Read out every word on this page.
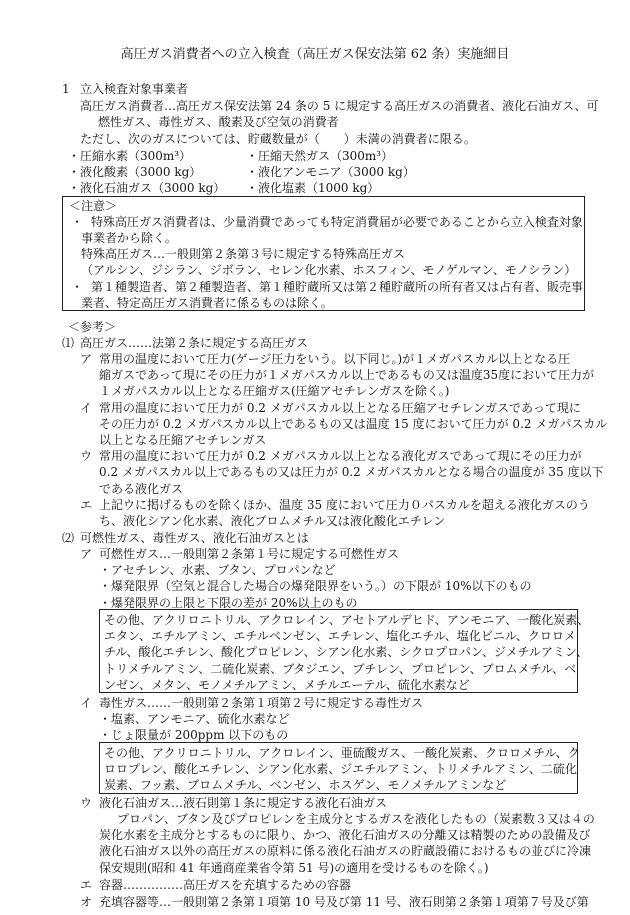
高圧ガス消費者への立入検査（高圧ガス保安法第 62 条）実施細目
1 立入検査対象事業者
高圧ガス消費者…高圧ガス保安法第 24 条の 5 に規定する高圧ガスの消費者、液化石油ガス、可
燃性ガス、毒性ガス、酸素及び空気の消費者
ただし、次のガスについては、貯蔵数量が（　　）未満の消費者に限る。
・圧縮水素（300m³）	・圧縮天然ガス（300m³）
・液化酸素（3000 kg）	・液化アンモニア（3000 kg）
・液化石油ガス（3000 kg） ・液化塩素（1000 kg）
＜注意＞
・ 特殊高圧ガス消費者は、少量消費であっても特定消費届が必要であることから立入検査対象
事業者から除く。
特殊高圧ガス…一般則第２条第３号に規定する特殊高圧ガス
（アルシン、ジシラン、ジボラン、セレン化水素、ホスフィン、モノゲルマン、モノシラン）
・ 第１種製造者、第２種製造者、第１種貯蔵所又は第２種貯蔵所の所有者又は占有者、販売事
業者、特定高圧ガス消費者に係るものは除く。
＜参考＞
⑴ 高圧ガス……法第２条に規定する高圧ガス
ア 常用の温度において圧力(ゲージ圧力をいう。以下同じ。)が１メガパスカル以上となる圧
縮ガスであって現にその圧力が１メガパスカル以上であるもの又は温度35度において圧力が
１メガパスカル以上となる圧縮ガス(圧縮アセチレンガスを除く。)
イ 常用の温度において圧力が 0.2 メガパスカル以上となる圧縮アセチレンガスであって現に
その圧力が 0.2 メガパスカル以上であるもの又は温度 15 度において圧力が 0.2 メガパスカル
以上となる圧縮アセチレンガス
ウ 常用の温度において圧力が 0.2 メガパスカル以上となる液化ガスであって現にその圧力が
0.2 メガパスカル以上であるもの又は圧力が 0.2 メガパスカルとなる場合の温度が 35 度以下
である液化ガス
エ 上記ウに掲げるものを除くほか、温度 35 度において圧力０パスカルを超える液化ガスのう
ち、液化シアン化水素、液化ブロムメチル又は液化酸化エチレン
⑵ 可燃性ガス、毒性ガス、液化石油ガスとは
ア 可燃性ガス…一般則第２条第１号に規定する可燃性ガス
・アセチレン、水素、ブタン、プロパンなど
・爆発限界（空気と混合した場合の爆発限界をいう。）の下限が 10%以下のもの
・爆発限界の上限と下限の差が 20%以上のもの
その他、アクリロニトリル、アクロレイン、アセトアルデヒド、アンモニア、一酸化炭素、
エタン、エチルアミン、エチルベンゼン、エチレン、塩化エチル、塩化ビニル、クロロメ
チル、酸化エチレン、酸化プロピレン、シアン化水素、シクロプロパン、ジメチルアミン、
トリメチルアミン、二硫化炭素、ブタジエン、ブチレン、プロピレン、ブロムメチル、ベ
ンゼン、メタン、モノメチルアミン、メチルエーテル、硫化水素など
イ 毒性ガス……一般則第２条第１項第２号に規定する毒性ガス
・塩素、アンモニア、硫化水素など
・じょ限量が 200ppm 以下のもの
その他、アクリロニトリル、アクロレイン、亜硫酸ガス、一酸化炭素、クロロメチル、ク
ロロプレン、酸化エチレン、シアン化水素、ジエチルアミン、トリメチルアミン、二硫化
炭素、フッ素、ブロムメチル、ベンゼン、ホスゲン、モノメチルアミンなど
ウ 液化石油ガス…液石則第１条に規定する液化石油ガス
プロパン、ブタン及びプロピレンを主成分とするガスを液化したもの（炭素数３又は４の
炭化水素を主成分とするものに限り、かつ、液化石油ガスの分離又は精製のための設備及び
液化石油ガス以外の高圧ガスの原料に係る液化石油ガスの貯蔵設備におけるもの並びに冷凍
保安規則(昭和 41 年通商産業省令第 51 号)の適用を受けるものを除く。)
エ 容器……………高圧ガスを充填するための容器
オ 充填容器等…一般則第２条第１項第 10 号及び第 11 号、液石則第２条第１項第７号及び第
